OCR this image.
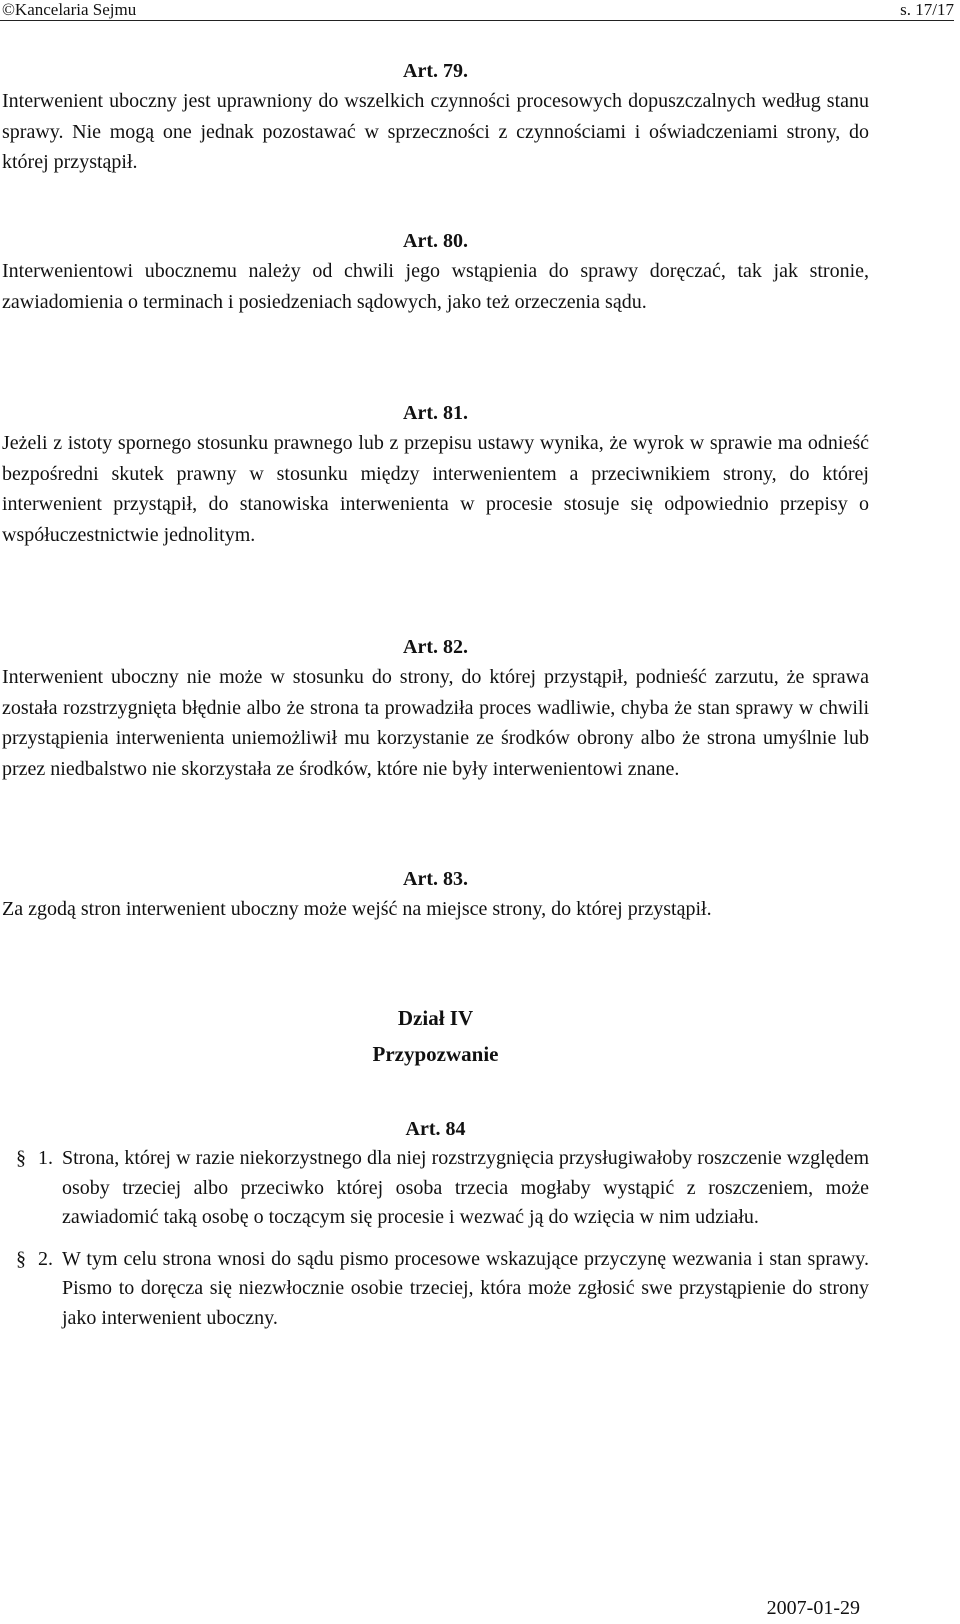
©Kancelaria Sejmu	s. 17/17

Art. 79.

Interwenient uboczny jest uprawniony do wszelkich czynności procesowych dopuszczalnych według stanu sprawy. Nie mogą one jednak pozostawać w sprzeczności z czynnościami i oświadczeniami strony, do której przystąpił.

Art. 80.

Interwenientowi ubocznemu należy od chwili jego wstąpienia do sprawy doręczać, tak jak stronie, zawiadomienia o terminach i posiedzeniach sądowych, jako też orzeczenia sądu.

Art. 81.

Jeżeli z istoty spornego stosunku prawnego lub z przepisu ustawy wynika, że wyrok w sprawie ma odnieść bezpośredni skutek prawny w stosunku między interwenientem a przeciwnikiem strony, do której interwenient przystąpił, do stanowiska interwenienta w procesie stosuje się odpowiednio przepisy o współuczestnictwie jednolitym.

Art. 82.

Interwenient uboczny nie może w stosunku do strony, do której przystąpił, podnieść zarzutu, że sprawa została rozstrzygnięta błędnie albo że strona ta prowadziła proces wadliwie, chyba że stan sprawy w chwili przystąpienia interwenienta uniemożliwił mu korzystanie ze środków obrony albo że strona umyślnie lub przez niedbalstwo nie skorzystała ze środków, które nie były interwenientowi znane.

Art. 83.

Za zgodą stron interwenient uboczny może wejść na miejsce strony, do której przystąpił.

Dział IV

Przypozwanie

Art. 84

§ 1. Strona, której w razie niekorzystnego dla niej rozstrzygnięcia przysługiwałoby roszczenie względem osoby trzeciej albo przeciwko której osoba trzecia mogłaby wystąpić z roszczeniem, może zawiadomić taką osobę o toczącym się procesie i wezwać ją do wzięcia w nim udziału.
§ 2. W tym celu strona wnosi do sądu pismo procesowe wskazujące przyczynę wezwania i stan sprawy. Pismo to doręcza się niezwłocznie osobie trzeciej, która może zgłosić swe przystąpienie do strony jako interwenient uboczny.
2007-01-29
